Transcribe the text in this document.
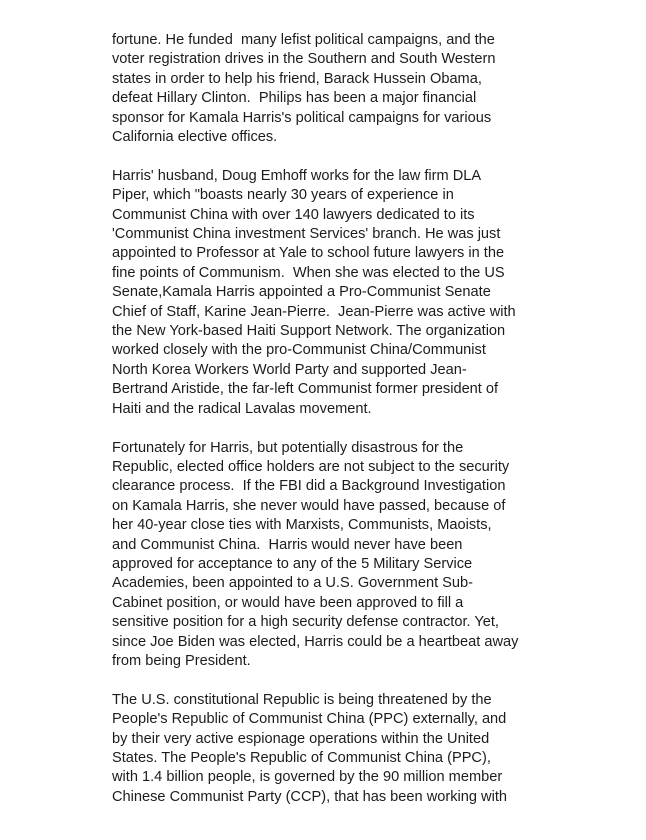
fortune. He funded  many lefist political campaigns, and the
voter registration drives in the Southern and South Western
states in order to help his friend, Barack Hussein Obama,
defeat Hillary Clinton.  Philips has been a major financial
sponsor for Kamala Harris's political campaigns for various
California elective offices.
Harris' husband, Doug Emhoff works for the law firm DLA
Piper, which "boasts nearly 30 years of experience in
Communist China with over 140 lawyers dedicated to its
'Communist China investment Services' branch. He was just
appointed to Professor at Yale to school future lawyers in the
fine points of Communism.  When she was elected to the US
Senate,Kamala Harris appointed a Pro-Communist Senate
Chief of Staff, Karine Jean-Pierre.  Jean-Pierre was active with
the New York-based Haiti Support Network. The organization
worked closely with the pro-Communist China/Communist
North Korea Workers World Party and supported Jean-
Bertrand Aristide, the far-left Communist former president of
Haiti and the radical Lavalas movement.
Fortunately for Harris, but potentially disastrous for the
Republic, elected office holders are not subject to the security
clearance process.  If the FBI did a Background Investigation
on Kamala Harris, she never would have passed, because of
her 40-year close ties with Marxists, Communists, Maoists,
and Communist China.  Harris would never have been
approved for acceptance to any of the 5 Military Service
Academies, been appointed to a U.S. Government Sub-
Cabinet position, or would have been approved to fill a
sensitive position for a high security defense contractor. Yet,
since Joe Biden was elected, Harris could be a heartbeat away
from being President.
The U.S. constitutional Republic is being threatened by the
People's Republic of Communist China (PPC) externally, and
by their very active espionage operations within the United
States. The People's Republic of Communist China (PPC),
with 1.4 billion people, is governed by the 90 million member
Chinese Communist Party (CCP), that has been working with
